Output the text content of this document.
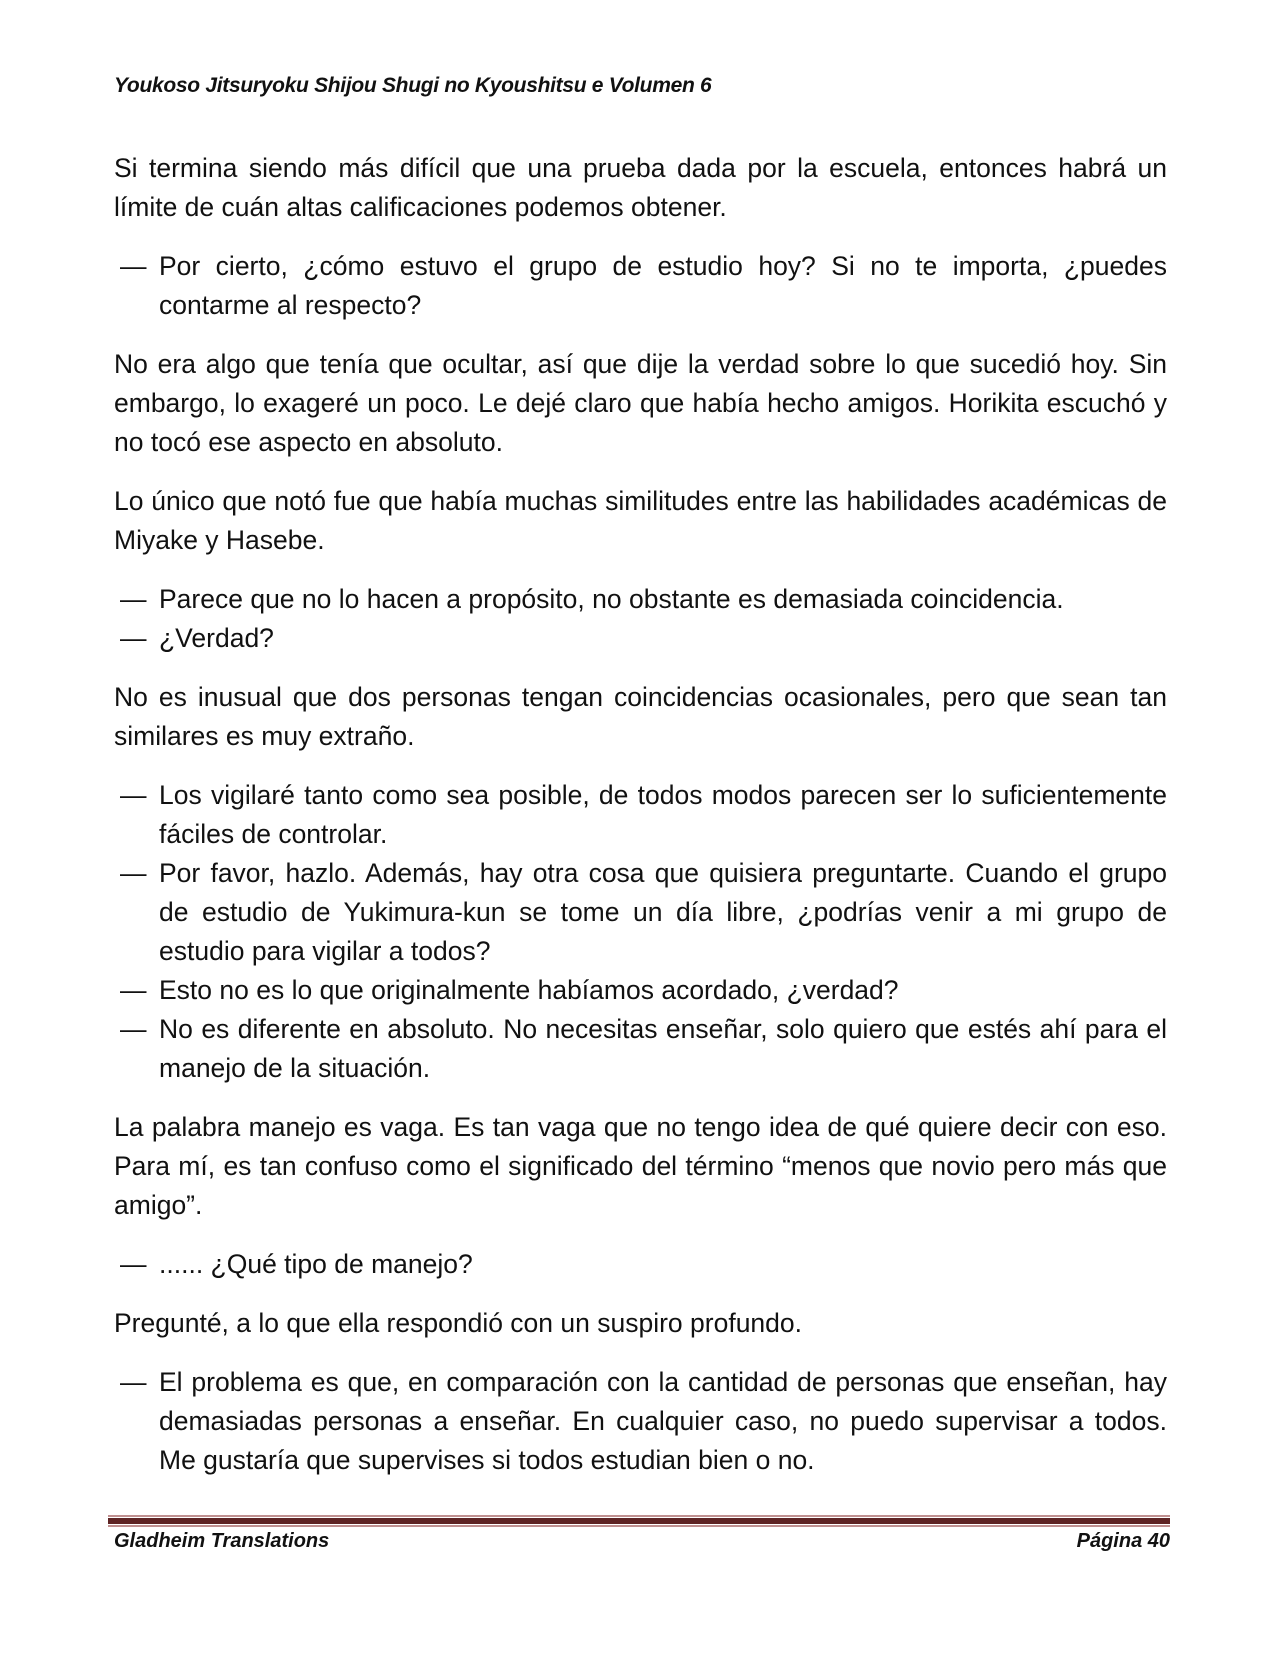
Youkoso Jitsuryoku Shijou Shugi no Kyoushitsu e Volumen 6

Si termina siendo más difícil que una prueba dada por la escuela, entonces habrá un límite de cuán altas calificaciones podemos obtener.

— Por cierto, ¿cómo estuvo el grupo de estudio hoy? Si no te importa, ¿puedes contarme al respecto?

No era algo que tenía que ocultar, así que dije la verdad sobre lo que sucedió hoy. Sin embargo, lo exageré un poco. Le dejé claro que había hecho amigos. Horikita escuchó y no tocó ese aspecto en absoluto.

Lo único que notó fue que había muchas similitudes entre las habilidades académicas de Miyake y Hasebe.

— Parece que no lo hacen a propósito, no obstante es demasiada coincidencia.

— ¿Verdad?

No es inusual que dos personas tengan coincidencias ocasionales, pero que sean tan similares es muy extraño.

— Los vigilaré tanto como sea posible, de todos modos parecen ser lo suficientemente fáciles de controlar.

— Por favor, hazlo. Además, hay otra cosa que quisiera preguntarte. Cuando el grupo de estudio de Yukimura-kun se tome un día libre, ¿podrías venir a mi grupo de estudio para vigilar a todos?

— Esto no es lo que originalmente habíamos acordado, ¿verdad?

— No es diferente en absoluto. No necesitas enseñar, solo quiero que estés ahí para el manejo de la situación.

La palabra manejo es vaga. Es tan vaga que no tengo idea de qué quiere decir con eso. Para mí, es tan confuso como el significado del término “menos que novio pero más que amigo”.

— ...... ¿Qué tipo de manejo?

Pregunté, a lo que ella respondió con un suspiro profundo.

— El problema es que, en comparación con la cantidad de personas que enseñan, hay demasiadas personas a enseñar. En cualquier caso, no puedo supervisar a todos. Me gustaría que supervises si todos estudian bien o no.

Gladheim Translations	Página 40
